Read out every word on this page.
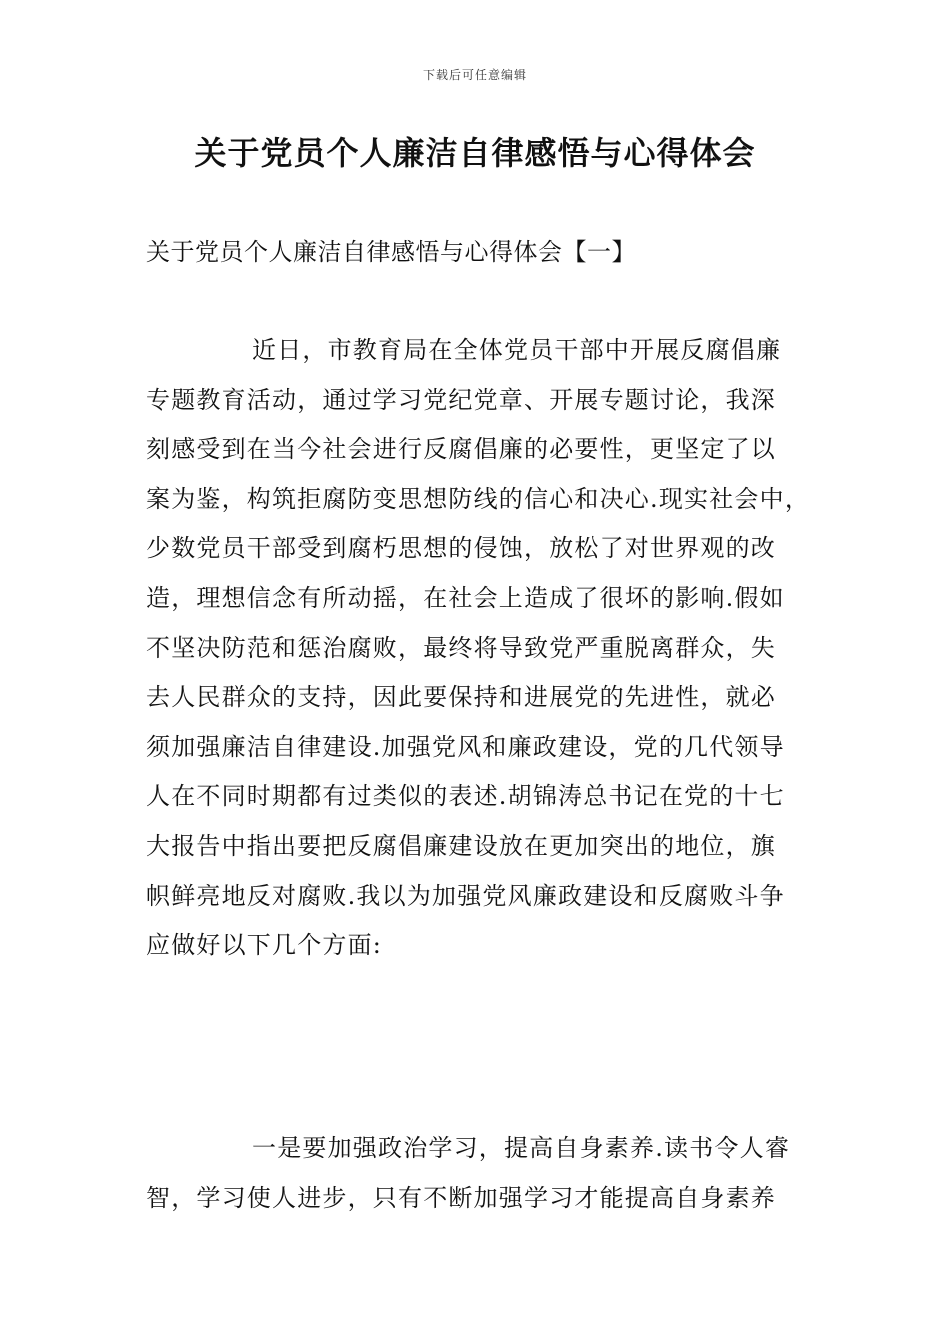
下载后可任意编辑
关于党员个人廉洁自律感悟与心得体会
关于党员个人廉洁自律感悟与心得体会【一】
近日，市教育局在全体党员干部中开展反腐倡廉
专题教育活动，通过学习党纪党章、开展专题讨论，我深
刻感受到在当今社会进行反腐倡廉的必要性，更坚定了以
案为鉴，构筑拒腐防变思想防线的信心和决心.现实社会中，
少数党员干部受到腐朽思想的侵蚀，放松了对世界观的改
造，理想信念有所动摇，在社会上造成了很坏的影响.假如
不坚决防范和惩治腐败，最终将导致党严重脱离群众，失
去人民群众的支持，因此要保持和进展党的先进性，就必
须加强廉洁自律建设.加强党风和廉政建设，党的几代领导
人在不同时期都有过类似的表述.胡锦涛总书记在党的十七
大报告中指出要把反腐倡廉建设放在更加突出的地位，旗
帜鲜亮地反对腐败.我以为加强党风廉政建设和反腐败斗争
应做好以下几个方面:
一是要加强政治学习，提高自身素养.读书令人睿
智，学习使人进步，只有不断加强学习才能提高自身素养
